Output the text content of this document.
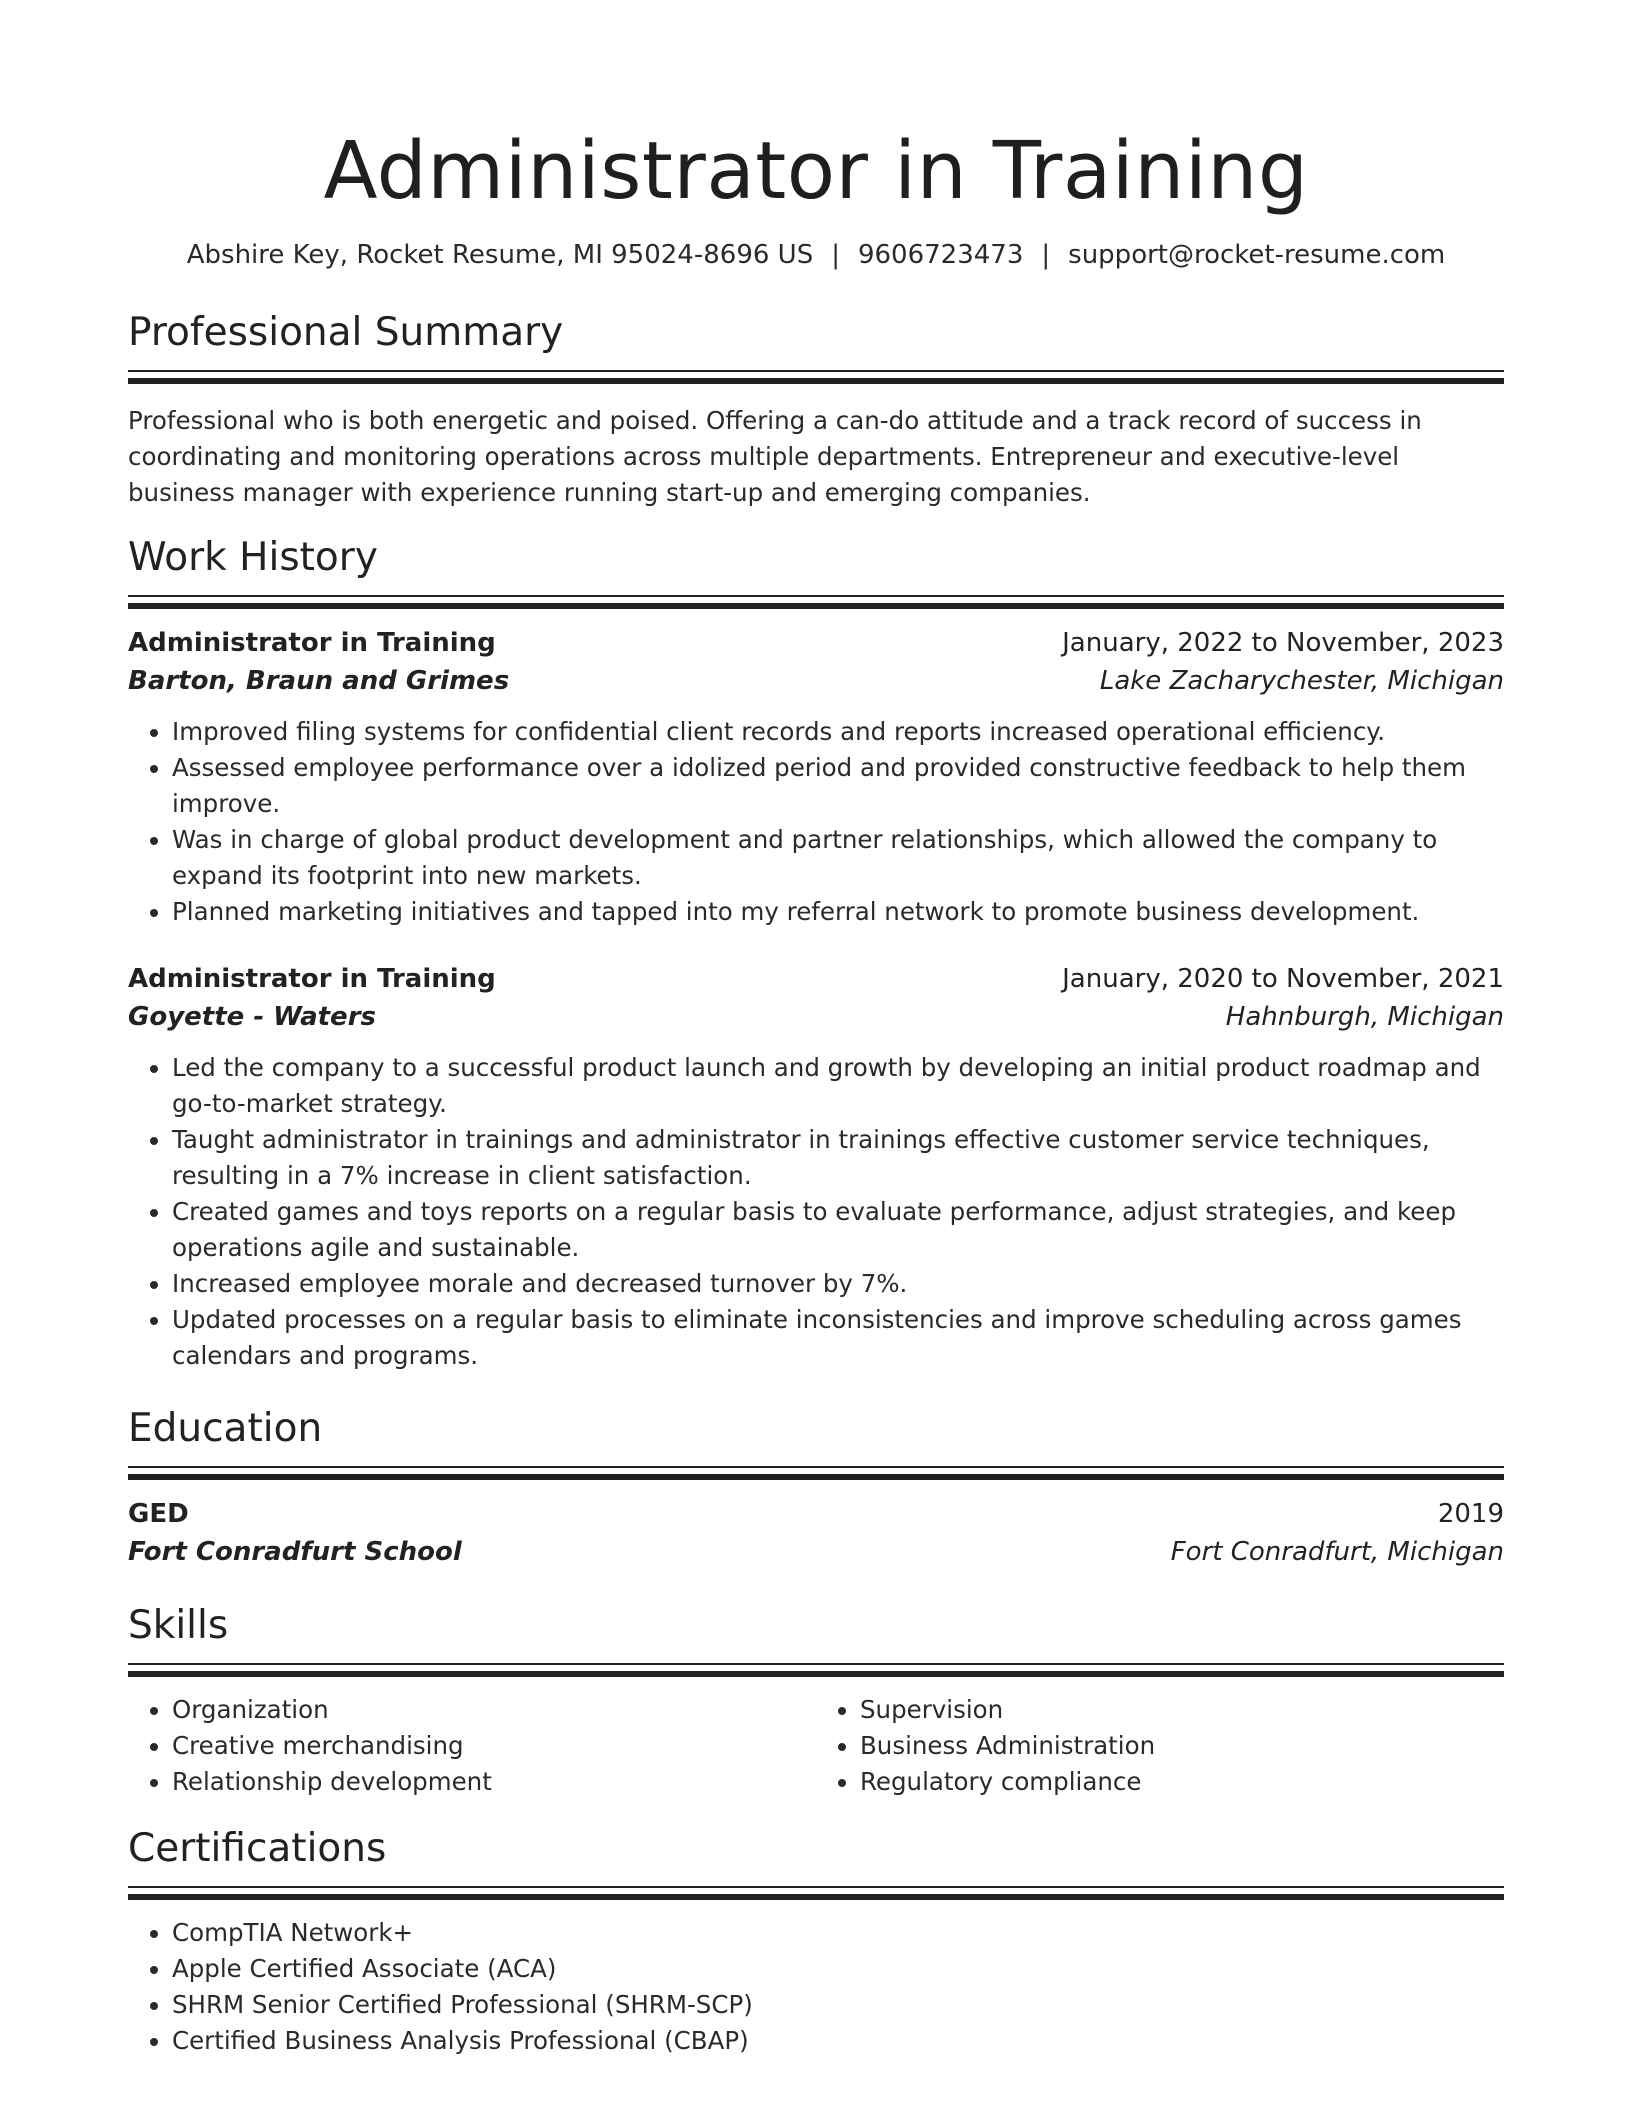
Administrator in Training
Abshire Key, Rocket Resume, MI 95024-8696 US | 9606723473 | support@rocket-resume.com
Professional Summary

Professional who is both energetic and poised. Offering a can-do attitude and a track record of success in coordinating and monitoring operations across multiple departments. Entrepreneur and executive-level business manager with experience running start-up and emerging companies.

Work History
Administrator in Training	January, 2022 to November, 2023
Barton, Braun and Grimes	Lake Zacharychester, Michigan
• Improved filing systems for confidential client records and reports increased operational efficiency.
• Assessed employee performance over a idolized period and provided constructive feedback to help them improve.
• Was in charge of global product development and partner relationships, which allowed the company to expand its footprint into new markets.
• Planned marketing initiatives and tapped into my referral network to promote business development.
Administrator in Training	January, 2020 to November, 2021
Goyette - Waters	Hahnburgh, Michigan
• Led the company to a successful product launch and growth by developing an initial product roadmap and go-to-market strategy.
• Taught administrator in trainings and administrator in trainings effective customer service techniques, resulting in a 7% increase in client satisfaction.
• Created games and toys reports on a regular basis to evaluate performance, adjust strategies, and keep operations agile and sustainable.
• Increased employee morale and decreased turnover by 7%.
• Updated processes on a regular basis to eliminate inconsistencies and improve scheduling across games calendars and programs.
Education
GED	2019
Fort Conradfurt School	Fort Conradfurt, Michigan
Skills
• Organization
• Creative merchandising
• Relationship development
• Supervision
• Business Administration
• Regulatory compliance
Certifications
• CompTIA Network+
• Apple Certified Associate (ACA)
• SHRM Senior Certified Professional (SHRM-SCP)
• Certified Business Analysis Professional (CBAP)
